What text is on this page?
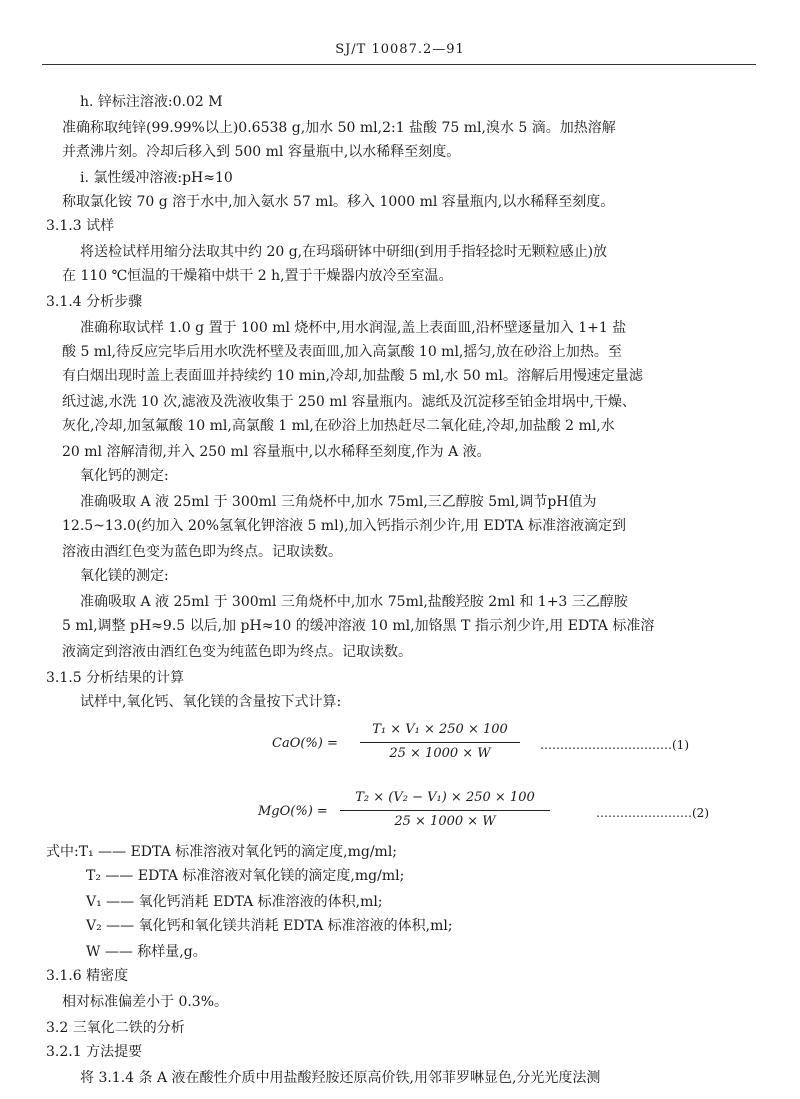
SJ/T 10087.2—91
h. 锌标注溶液:0.02 M
准确称取纯锌(99.99%以上)0.6538 g,加水 50 ml,2:1 盐酸 75 ml,溴水 5 滴。加热溶解
并煮沸片刻。冷却后移入到 500 ml 容量瓶中,以水稀释至刻度。
i. 氯性缓冲溶液:pH≈10
称取氯化铵 70 g 溶于水中,加入氨水 57 ml。移入 1000 ml 容量瓶内,以水稀释至刻度。
3.1.3 试样
将送检试样用缩分法取其中约 20 g,在玛瑙研钵中研细(到用手指轻捻时无颗粒感止)放
在 110 ℃恒温的干燥箱中烘干 2 h,置于干燥器内放冷至室温。
3.1.4 分析步骤
准确称取试样 1.0 g 置于 100 ml 烧杯中,用水润湿,盖上表面皿,沿杯壁逐量加入 1+1 盐
酸 5 ml,待反应完毕后用水吹洗杯壁及表面皿,加入高氯酸 10 ml,摇匀,放在砂浴上加热。至
有白烟出现时盖上表面皿并持续约 10 min,冷却,加盐酸 5 ml,水 50 ml。溶解后用慢速定量滤
纸过滤,水洗 10 次,滤液及洗液收集于 250 ml 容量瓶内。滤纸及沉淀移至铂金坩埚中,干燥、
灰化,冷却,加氢氟酸 10 ml,高氯酸 1 ml,在砂浴上加热赶尽二氧化硅,冷却,加盐酸 2 ml,水
20 ml 溶解清彻,并入 250 ml 容量瓶中,以水稀释至刻度,作为 A 液。
氧化钙的测定:
准确吸取 A 液 25ml 于 300ml 三角烧杯中,加水 75ml,三乙醇胺 5ml,调节pH值为
12.5~13.0(约加入 20%氢氧化钾溶液 5 ml),加入钙指示剂少许,用 EDTA 标准溶液滴定到
溶液由酒红色变为蓝色即为终点。记取读数。
氧化镁的测定:
准确吸取 A 液 25ml 于 300ml 三角烧杯中,加水 75ml,盐酸羟胺 2ml 和 1+3 三乙醇胺
5 ml,调整 pH≈9.5 以后,加 pH≈10 的缓冲溶液 10 ml,加铬黑 T 指示剂少许,用 EDTA 标准溶
液滴定到溶液由酒红色变为纯蓝色即为终点。记取读数。
3.1.5 分析结果的计算
试样中,氧化钙、氧化镁的含量按下式计算:
CaO(%) =
T₁ × V₁ × 250 × 100
25 × 1000 × W
……………………………(1)
MgO(%) =
T₂ × (V₂ − V₁) × 250 × 100
25 × 1000 × W
……………………(2)
式中:T₁ —— EDTA 标准溶液对氧化钙的滴定度,mg/ml;
T₂ —— EDTA 标准溶液对氧化镁的滴定度,mg/ml;
V₁ —— 氧化钙消耗 EDTA 标准溶液的体积,ml;
V₂ —— 氧化钙和氧化镁共消耗 EDTA 标准溶液的体积,ml;
W —— 称样量,g。
3.1.6 精密度
相对标准偏差小于 0.3%。
3.2 三氧化二铁的分析
3.2.1 方法提要
将 3.1.4 条 A 液在酸性介质中用盐酸羟胺还原高价铁,用邻菲罗啉显色,分光光度法测
